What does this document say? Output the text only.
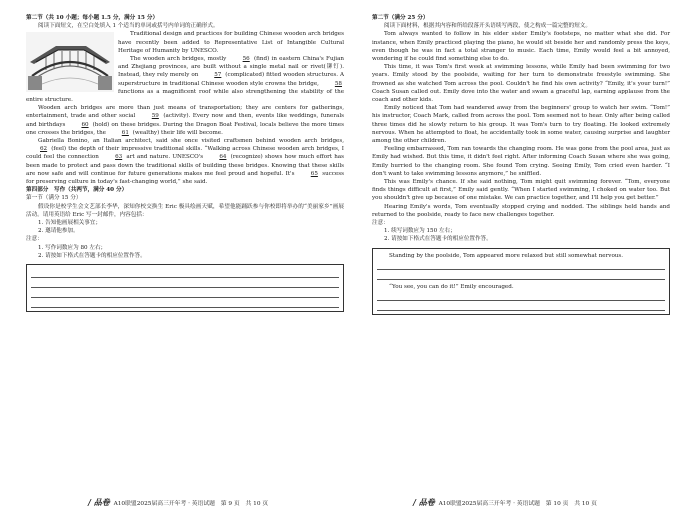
第二节（共 10 小题；每小题 1.5 分，满分 15 分）

阅读下面短文，在空白处填入 1 个适当的单词或括号内单词的正确形式。

Traditional design and practices for building Chinese wooden arch bridges have recently been added to Representative List of Intangible Cultural Heritage of Humanity by UNESCO.

The wooden arch bridges, mostly	56 (find) in eastern China's Fujian and Zhejiang provinces, are built without a single metal nail or rivet(铆钉). Instead, they rely merely on	57 (complicated) fitted wooden structures. A superstructure in traditional Chinese wooden style crowns the bridge,	58 functions as a magnificent roof while also strengthening the stability of the entire structure.

Wooden arch bridges are more than just means of transportation; they are centers for gatherings, entertainment, trade and other social	59 (activity). Every now and then, events like weddings, funerals and birthdays	60 (hold) on these bridges. During the Dragon Boat Festival, locals believe the more times one crosses the bridges, the	61 (wealthy) their life will become.

Gabriella Bonino, an Italian architect, said she once visited craftsmen behind wooden arch bridges, 62 (feel) the depth of their impressive traditional skills. “Walking across Chinese wooden arch bridges, I could feel the connection	63 art and nature. UNESCO's	64 (recognize) shows how much effort has been made to protect and pass down the traditional skills of building these bridges. Knowing that these skills are now safe and will continue for future generations makes me feel proud and hopeful. It's	65 success for preserving culture in today's fast-changing world,” she said.

第四部分　写作（共两节，满分 40 分）

第一节（满分 15 分）

假设你是校学生会文艺部长李华，深知你校交换生 Eric 极具绘画天赋，希望他能踊跃参与你校即将举办的“美丽家乡”画展活动。请用英语给 Eric 写一封邮件，内容包括：

1. 告知他画展相关事宜；

2. 邀请他参加。

注意：

1. 写作词数应为 80 左右；

2. 请按如下格式在答题卡的相应位置作答。

第二节（满分 25 分）

阅读下面材料，根据其内容和所给段落开头语续写两段，使之构成一篇完整的短文。

Tom always wanted to follow in his elder sister Emily's footsteps, no matter what she did. For instance, when Emily practiced playing the piano, he would sit beside her and randomly press the keys, even though he was in fact a total stranger to music. Each time, Emily would feel a bit annoyed, wondering if he could find something else to do.

This time, it was Tom's first week at swimming lessons, while Emily had been swimming for two years. Emily stood by the poolside, waiting for her turn to demonstrate freestyle swimming. She frowned as she watched Tom across the pool. Couldn't he find his own activity? “Emily, it's your turn!” Coach Susan called out. Emily dove into the water and swam a graceful lap, earning applause from the coach and other kids.

Emily noticed that Tom had wandered away from the beginners' group to watch her swim. “Tom!” his instructor, Coach Mark, called from across the pool. Tom seemed not to hear. Only after being called three times did he slowly return to his group. It was Tom's turn to try floating. He looked extremely nervous. When he attempted to float, he accidentally took in some water, causing surprise and laughter among the other children.

Feeling embarrassed, Tom ran towards the changing room. He was gone from the pool area, just as Emily had wished. But this time, it didn't feel right. After informing Coach Susan where she was going, Emily hurried to the changing room. She found Tom crying. Seeing Emily, Tom cried even harder. “I don't want to take swimming lessons anymore,” he sniffled.

This was Emily's chance. If she said nothing, Tom might quit swimming forever. “Tom, everyone finds things difficult at first,” Emily said gently. “When I started swimming, I choked on water too. But you shouldn't give up because of one mistake. We can practice together, and I'll help you get better.”

Hearing Emily's words, Tom eventually stopped crying and nodded. The siblings held hands and returned to the poolside, ready to face new challenges together.

注意：

1. 续写词数应为 150 左右；

2. 请按如下格式在答题卡的相应位置作答。

Standing by the poolside, Tom appeared more relaxed but still somewhat nervous.

“You see, you can do it!” Emily encouraged.

/ 品卷 A10联盟2025届高三开年考 · 英语试题　第 9 页　共 10 页	/ 品卷 A10联盟2025届高三开年考 · 英语试题　第 10 页　共 10 页
